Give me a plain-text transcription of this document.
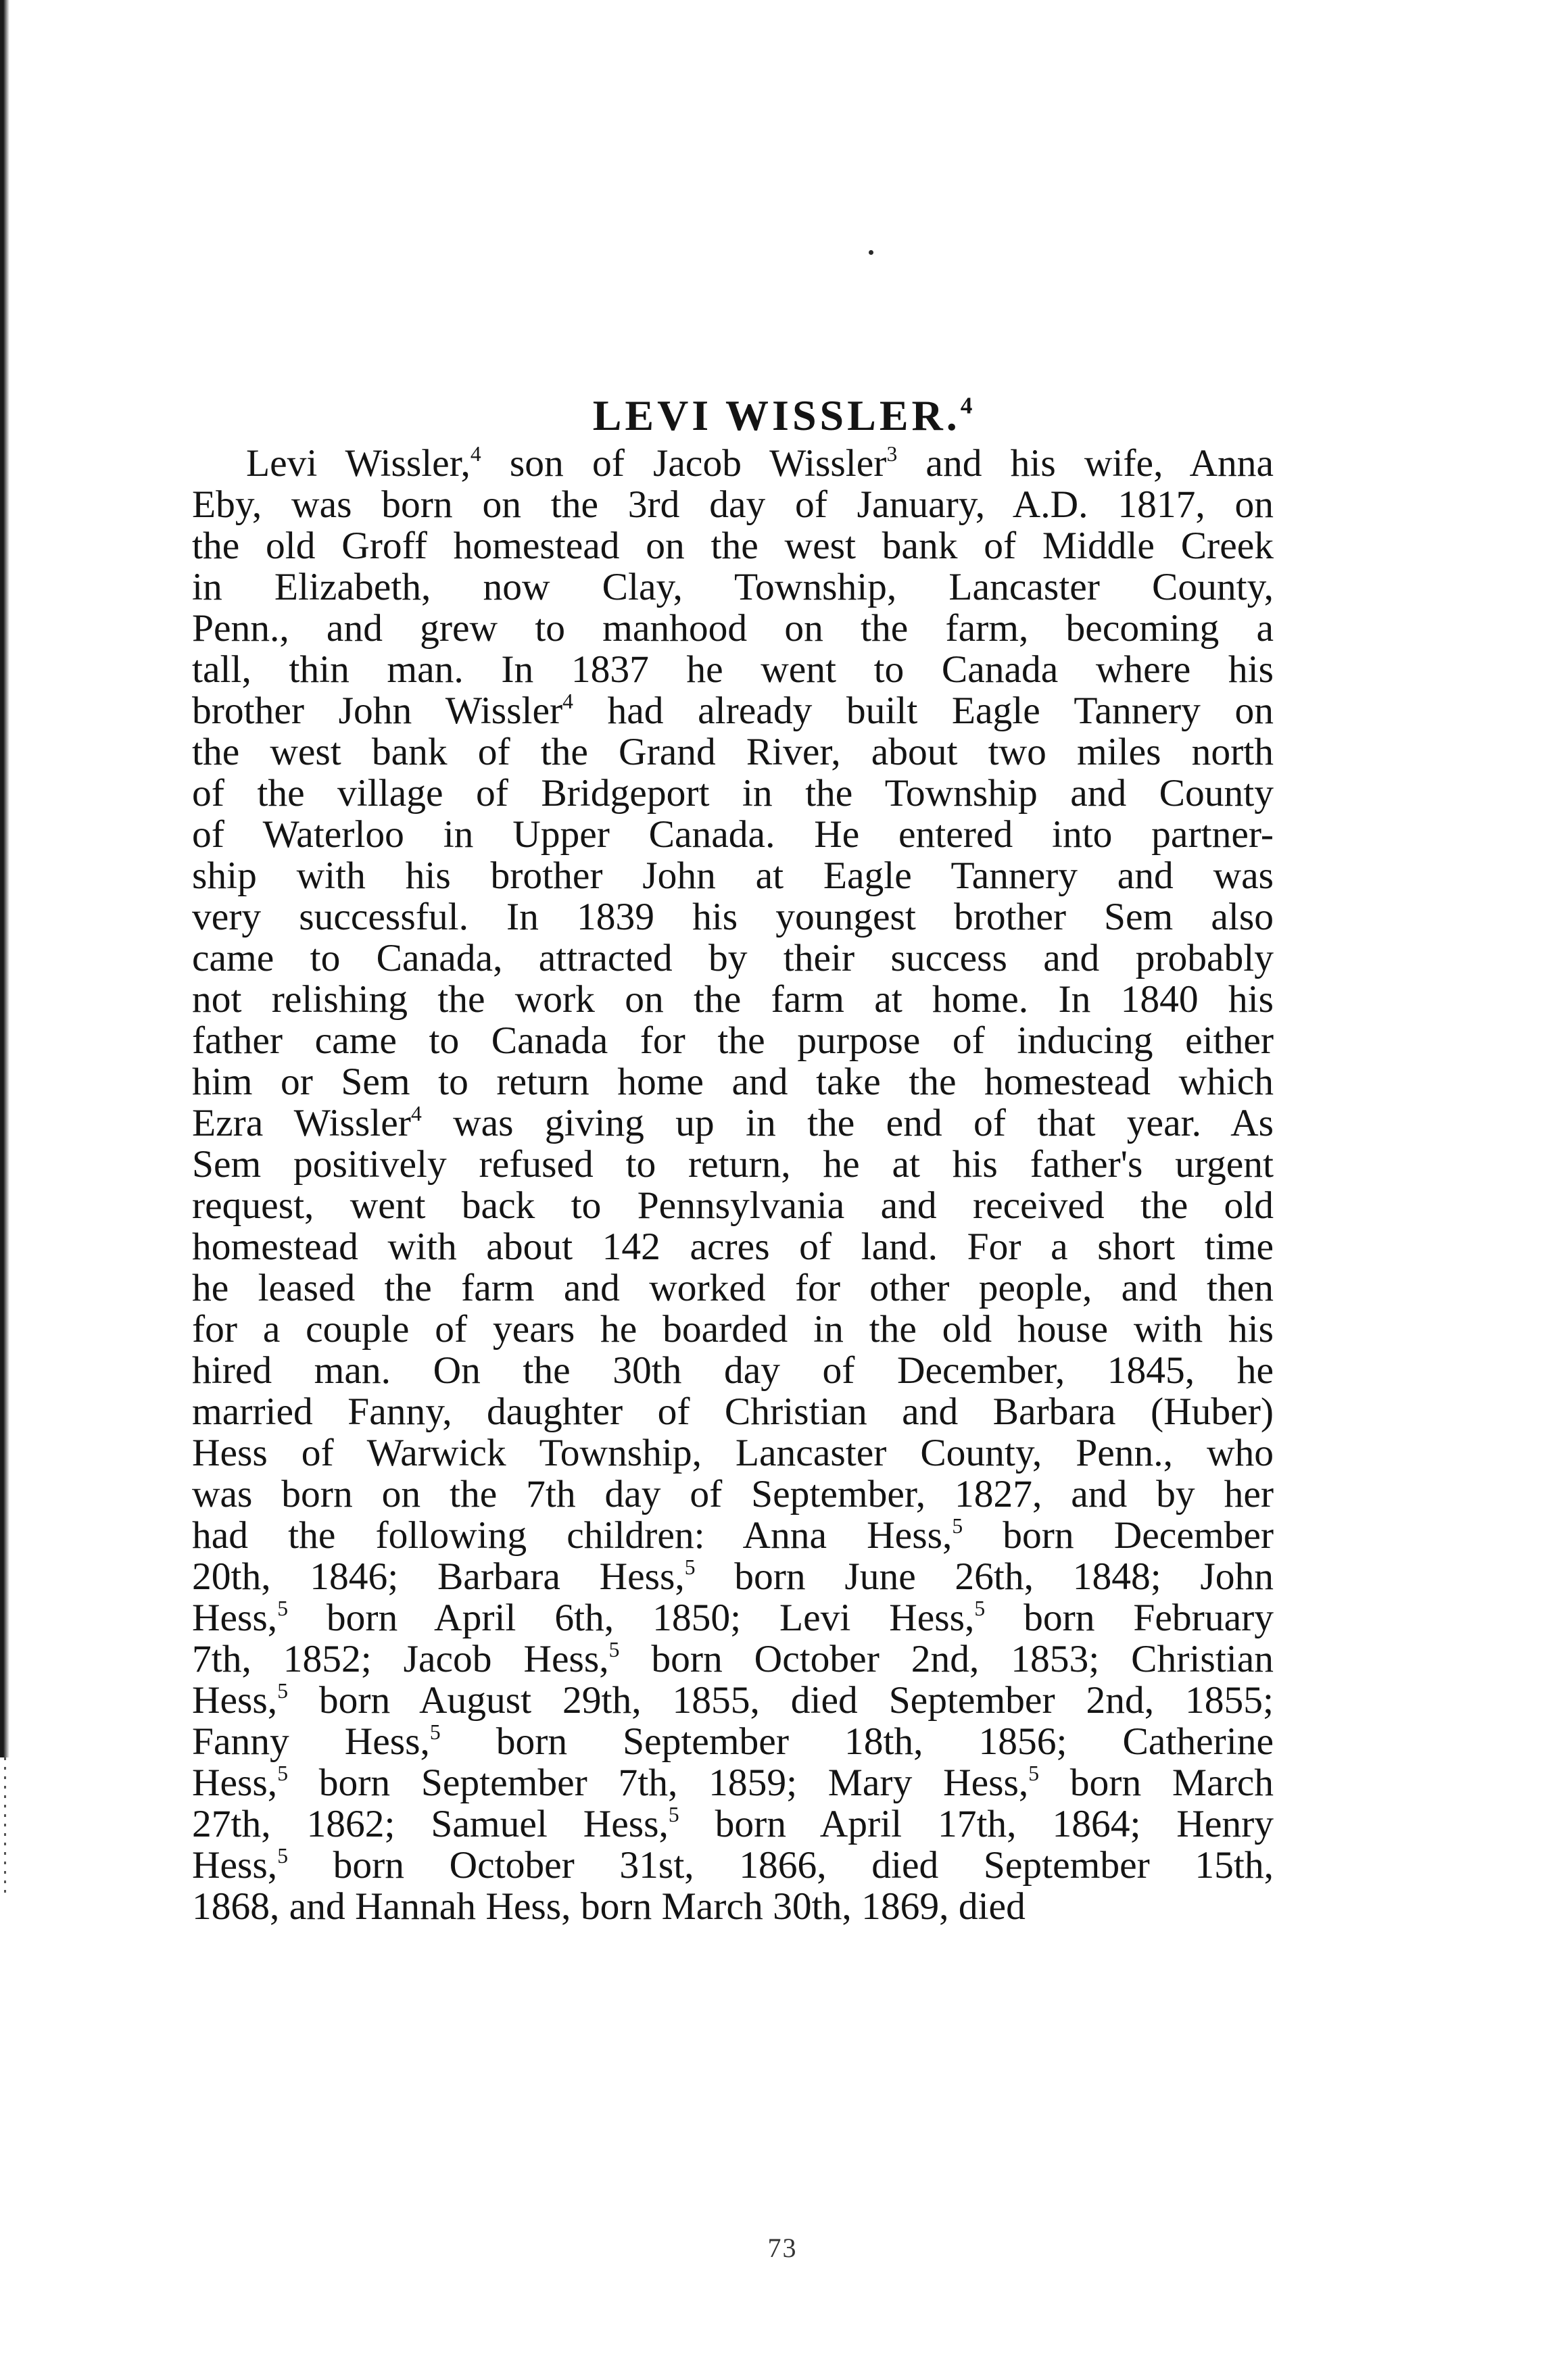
LEVI WISSLER.$^4$
Levi Wissler,$^4$ son of Jacob Wissler$^3$ and his wife, Anna
Eby, was born on the 3rd day of January, A.D. 1817, on
the old Groff homestead on the west bank of Middle Creek
in Elizabeth, now Clay, Township, Lancaster County,
Penn., and grew to manhood on the farm, becoming a
tall, thin man. In 1837 he went to Canada where his
brother John Wissler$^4$ had already built Eagle Tannery on
the west bank of the Grand River, about two miles north
of the village of Bridgeport in the Township and County
of Waterloo in Upper Canada. He entered into partner-
ship with his brother John at Eagle Tannery and was
very successful. In 1839 his youngest brother Sem also
came to Canada, attracted by their success and probably
not relishing the work on the farm at home. In 1840 his
father came to Canada for the purpose of inducing either
him or Sem to return home and take the homestead which
Ezra Wissler$^4$ was giving up in the end of that year. As
Sem positively refused to return, he at his father's urgent
request, went back to Pennsylvania and received the old
homestead with about 142 acres of land. For a short time
he leased the farm and worked for other people, and then
for a couple of years he boarded in the old house with his
hired man. On the 30th day of December, 1845, he
married Fanny, daughter of Christian and Barbara (Huber)
Hess of Warwick Township, Lancaster County, Penn., who
was born on the 7th day of September, 1827, and by her
had the following children: Anna Hess,$^5$ born December
20th, 1846; Barbara Hess,$^5$ born June 26th, 1848; John
Hess,$^5$ born April 6th, 1850; Levi Hess,$^5$ born February
7th, 1852; Jacob Hess,$^5$ born October 2nd, 1853; Christian
Hess,$^5$ born August 29th, 1855, died September 2nd, 1855;
Fanny Hess,$^5$ born September 18th, 1856; Catherine
Hess,$^5$ born September 7th, 1859; Mary Hess,$^5$ born March
27th, 1862; Samuel Hess,$^5$ born April 17th, 1864; Henry
Hess,$^5$ born October 31st, 1866, died September 15th,
1868, and Hannah Hess, born March 30th, 1869, died
73
